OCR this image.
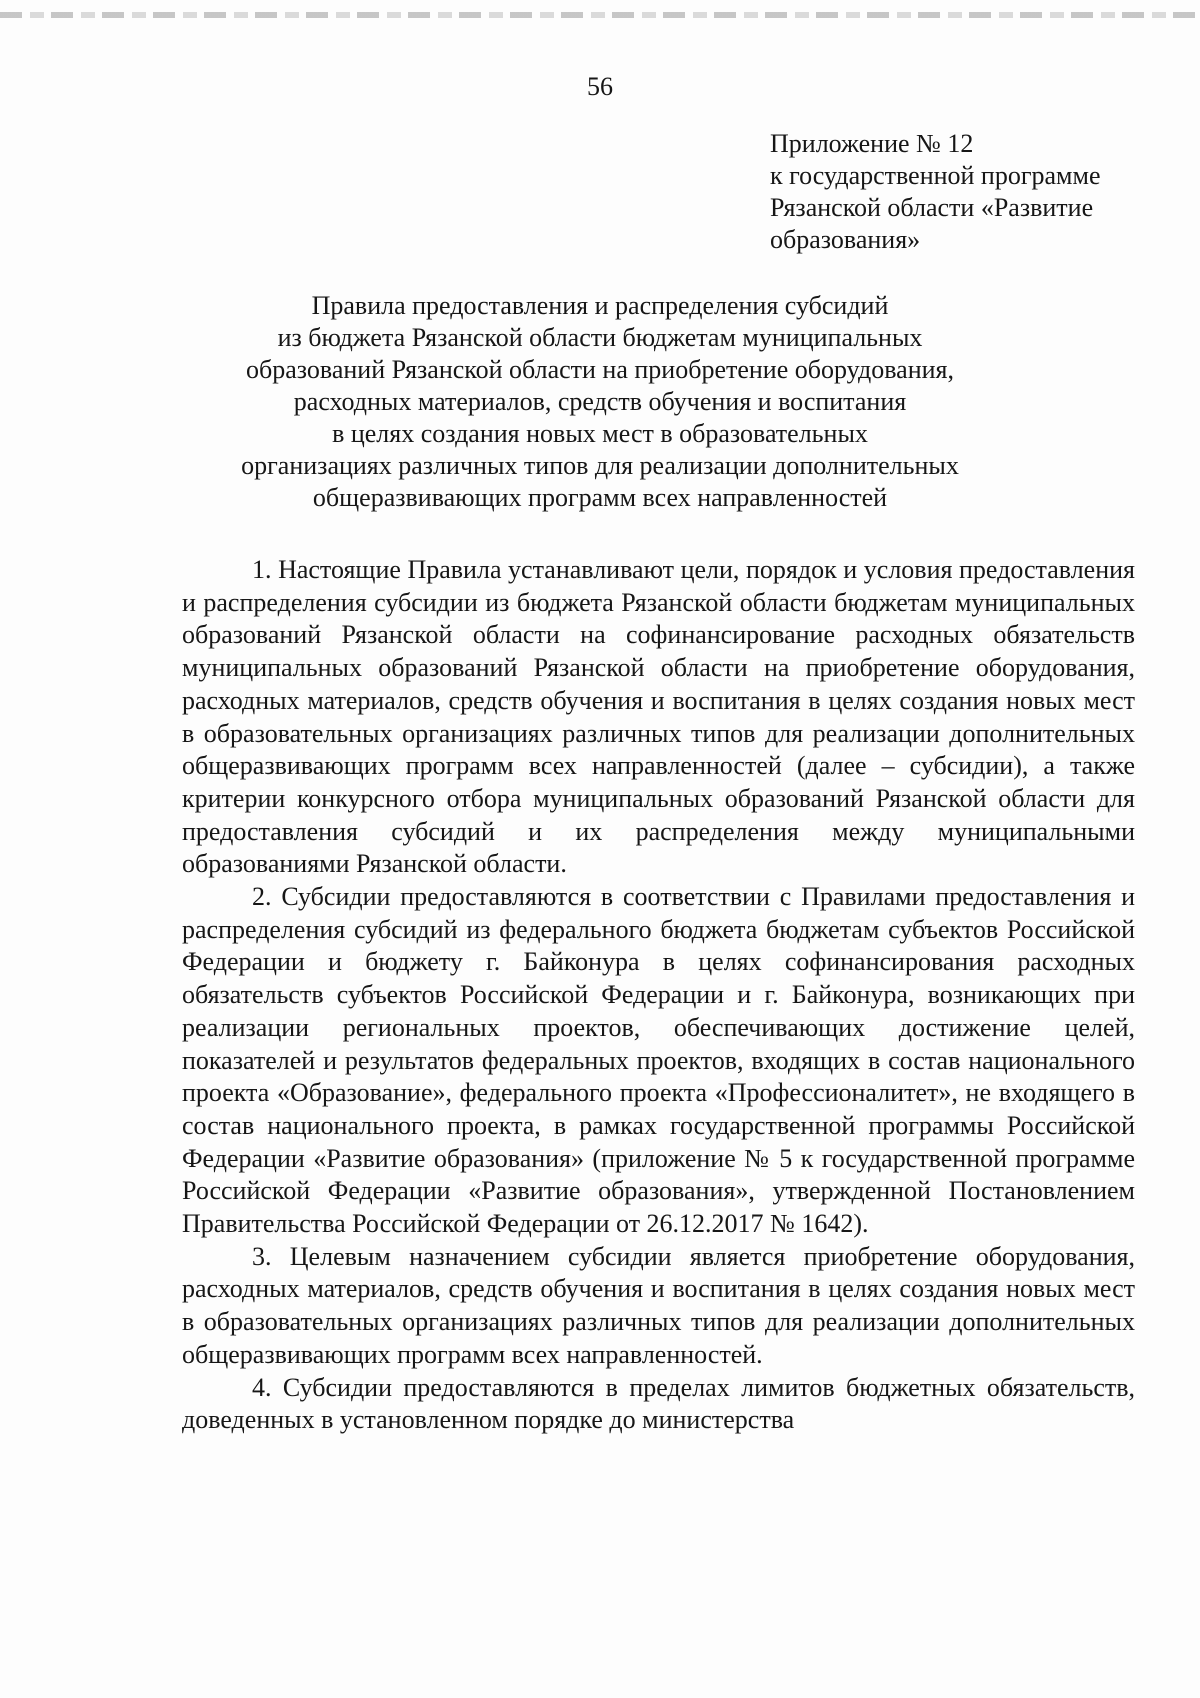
56
Приложение № 12
к государственной программе
Рязанской области «Развитие
образования»
Правила предоставления и распределения субсидий
из бюджета Рязанской области бюджетам муниципальных
образований Рязанской области на приобретение оборудования,
расходных материалов, средств обучения и воспитания
в целях создания новых мест в образовательных
организациях различных типов для реализации дополнительных
общеразвивающих программ всех направленностей

1. Настоящие Правила устанавливают цели, порядок и условия предоставления и распределения субсидии из бюджета Рязанской области бюджетам муниципальных образований Рязанской области на софинансирование расходных обязательств муниципальных образований Рязанской области на приобретение оборудования, расходных материалов, средств обучения и воспитания в целях создания новых мест в образовательных организациях различных типов для реализации дополнительных общеразвивающих программ всех направленностей (далее – субсидии), а также критерии конкурсного отбора муниципальных образований Рязанской области для предоставления субсидий и их распределения между муниципальными образованиями Рязанской области.

2. Субсидии предоставляются в соответствии с Правилами предоставления и распределения субсидий из федерального бюджета бюджетам субъектов Российской Федерации и бюджету г. Байконура в целях софинансирования расходных обязательств субъектов Российской Федерации и г. Байконура, возникающих при реализации региональных проектов, обеспечивающих достижение целей, показателей и результатов федеральных проектов, входящих в состав национального проекта «Образование», федерального проекта «Профессионалитет», не входящего в состав национального проекта, в рамках государственной программы Российской Федерации «Развитие образования» (приложение № 5 к государственной программе Российской Федерации «Развитие образования», утвержденной Постановлением Правительства Российской Федерации от 26.12.2017 № 1642).

3. Целевым назначением субсидии является приобретение оборудования, расходных материалов, средств обучения и воспитания в целях создания новых мест в образовательных организациях различных типов для реализации дополнительных общеразвивающих программ всех направленностей.

4. Субсидии предоставляются в пределах лимитов бюджетных обязательств, доведенных в установленном порядке до министерства
